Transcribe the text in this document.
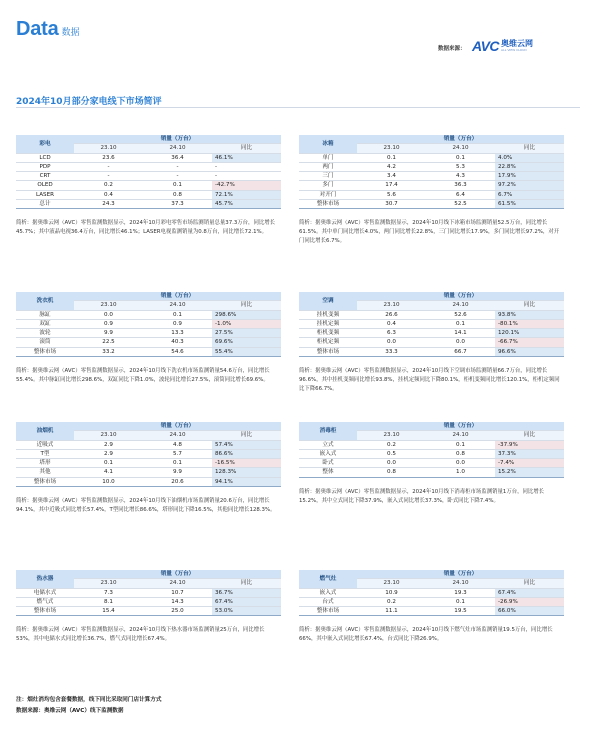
Data 数据
数据来源： AVC 奥维云网
ALL VIEW CLOUD
2024年10月部分家电线下市场简评
彩电	销量（万台）		
	23.10	24.10	同比
LCD	23.6	36.4	46.1%
PDP	-	-	-
CRT	-	-	-
OLED	0.2	0.1	-42.7%
LASER	0.4	0.8	72.1%
总计	24.3	37.3	45.7%
简析：据奥维云网（AVC）零售监测数据显示，2024年10月彩电零售市场监测销量总量37.3万台，同比增长45.7%；其中液晶电视36.4万台，同比增长46.1%；LASER电视监测销量为0.8万台，同比增长72.1%。
冰箱	销量（万台）		
	23.10	24.10	同比
单门	0.1	0.1	4.0%
两门	4.2	5.3	22.8%
三门	3.4	4.3	17.9%
多门	17.4	36.3	97.2%
对开门	5.6	6.4	6.7%
整体市场	30.7	52.5	61.5%
简析：据奥维云网（AVC）零售监测数据显示，2024年10月线下冰箱市场监测销量52.5万台，同比增长61.5%。其中单门同比增长4.0%，两门同比增长22.8%，三门同比增长17.9%，多门同比增长97.2%，对开门同比增长6.7%。
洗衣机	销量（万台）		
	23.10	24.10	同比
脉缸	0.0	0.1	298.6%
双缸	0.9	0.9	-1.0%
波轮	9.9	13.3	27.5%
滚筒	22.5	40.3	69.6%
整体市场	33.2	54.6	55.4%
简析：据奥维云网（AVC）零售监测数据显示，2024年10月线下洗衣机市场监测销量54.6万台，同比增长55.4%。其中脉缸同比增长298.6%，双缸同比下降1.0%，波轮同比增长27.5%，滚筒同比增长69.6%。
空调	销量（万台）		
	23.10	24.10	同比
挂机变频	26.6	52.6	93.8%
挂机定频	0.4	0.1	-80.1%
柜机变频	6.3	14.1	120.1%
柜机定频	0.0	0.0	-66.7%
整体市场	33.3	66.7	96.6%
简析：据奥维云网（AVC）零售监测数据显示，2024年10月线下空调市场监测销量66.7万台，同比增长96.6%，其中挂机变频同比增长93.8%，挂机定频同比下降80.1%，柜机变频同比增长120.1%，柜机定频同比下降66.7%。
油烟机	销量（万台）		
	23.10	24.10	同比
近吸式	2.9	4.8	57.4%
T型	2.9	5.7	86.6%
塔形	0.1	0.1	-16.5%
其他	4.1	9.9	128.3%
整体市场	10.0	20.6	94.1%
简析：据奥维云网（AVC）零售监测数据显示，2024年10月线下油烟机市场监测销量20.6万台，同比增长94.1%，其中近吸式同比增长57.4%，T型同比增长86.6%，塔形同比下降16.5%，其他同比增长128.3%。
消毒柜	销量（万台）		
	23.10	24.10	同比
立式	0.2	0.1	-37.9%
嵌入式	0.5	0.8	37.3%
卧式	0.0	0.0	-7.4%
整体	0.8	1.0	15.2%
简析：据奥维云网（AVC）零售监测数据显示，2024年10月线下消毒柜市场监测销量1万台，同比增长15.2%，其中立式同比下降37.9%，嵌入式同比增长37.3%，卧式同比下降7.4%。
热水器	销量（万台）		
	23.10	24.10	同比
电储水式	7.3	10.7	36.7%
燃气式	8.1	14.3	67.4%
整体市场	15.4	25.0	53.0%
简析：据奥维云网（AVC）零售监测数据显示，2024年10月线下热水器市场监测销量25万台，同比增长53%，其中电储水式同比增长36.7%，燃气式同比增长67.4%。
燃气灶	销量（万台）		
	23.10	24.10	同比
嵌入式	10.9	19.3	67.4%
台式	0.2	0.1	-26.9%
整体市场	11.1	19.5	66.0%
简析：据奥维云网（AVC）零售监测数据显示，2024年10月线下燃气灶市场监测销量19.5万台，同比增长66%，其中嵌入式同比增长67.4%，台式同比下降26.9%。
注：烟灶消均包含套餐数据，线下同比采取同门店计算方式
数据来源：奥维云网（AVC）线下监测数据
